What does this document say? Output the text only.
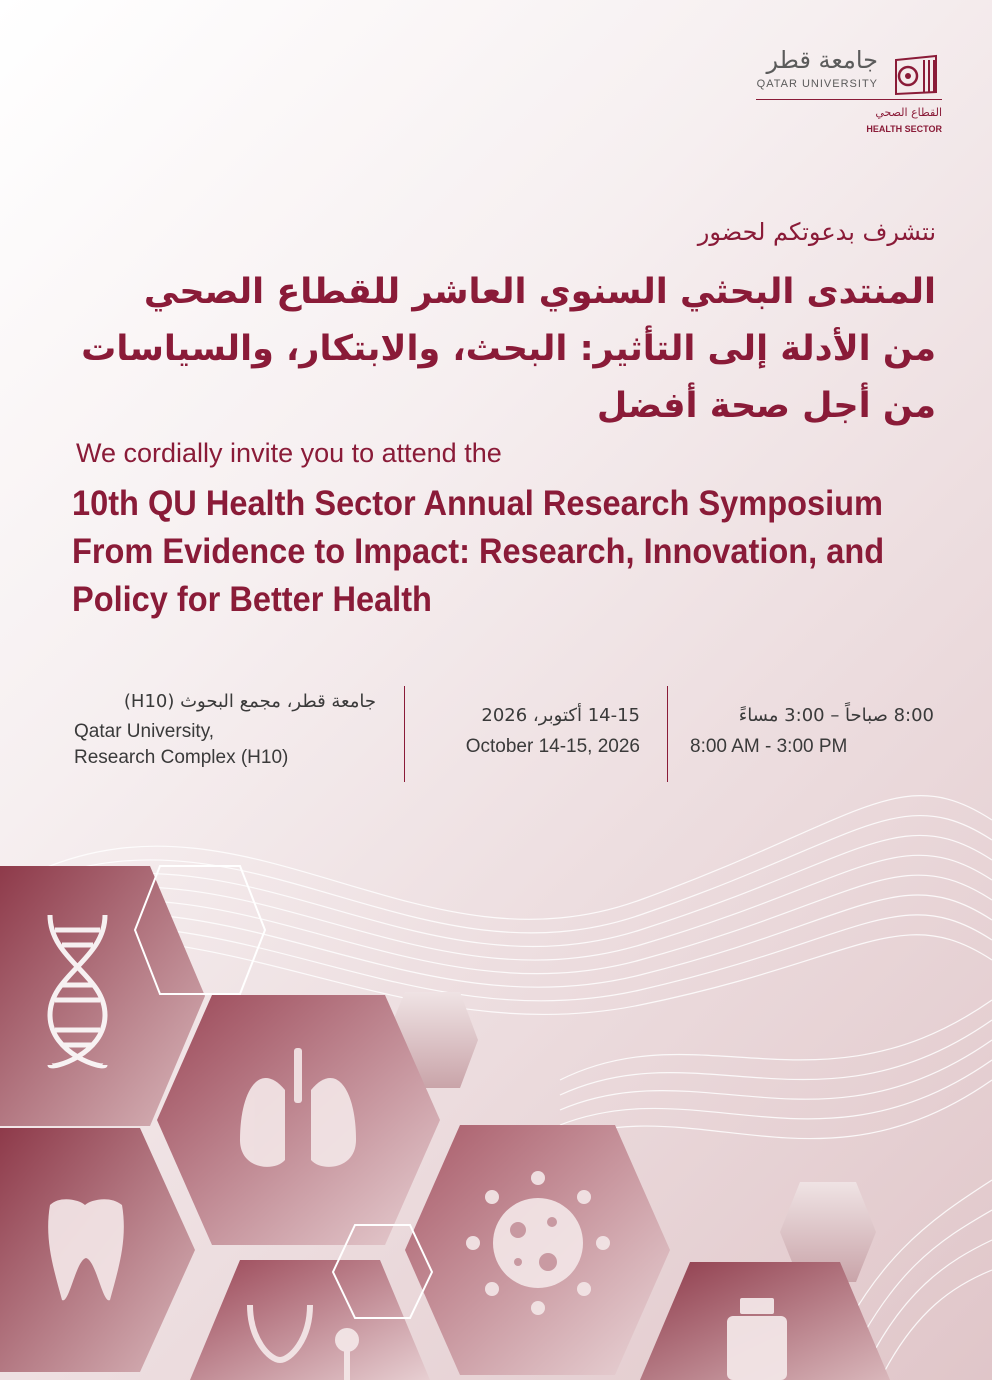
جامعة قطر
QATAR UNIVERSITY
القطاع الصحي
HEALTH SECTOR
نتشرف بدعوتكم لحضور
المنتدى البحثي السنوي العاشر للقطاع الصحي
من الأدلة إلى التأثير: البحث، والابتكار، والسياسات
من أجل صحة أفضل
We cordially invite you to attend the
10th QU Health Sector Annual Research Symposium
From Evidence to Impact: Research, Innovation, and
Policy for Better Health
جامعة قطر، مجمع البحوث (H10)
Qatar University,
Research Complex (H10)
14-15 أكتوبر، 2026
October 14-15, 2026
8:00 صباحاً – 3:00 مساءً
8:00 AM - 3:00 PM
